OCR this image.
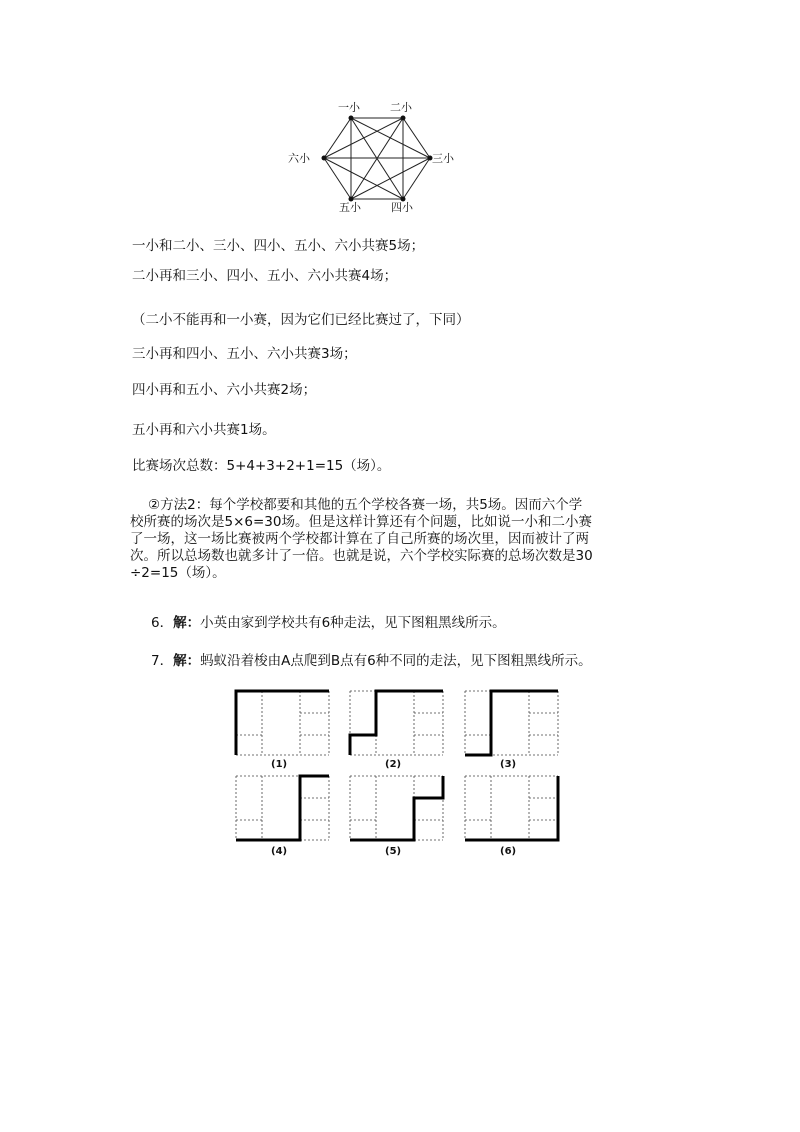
一小	二小
三小
四小
五小
六小
一小和二小、三小、四小、五小、六小共赛5场；
二小再和三小、四小、五小、六小共赛4场；
（二小不能再和一小赛，因为它们已经比赛过了，下同）
三小再和四小、五小、六小共赛3场；
四小再和五小、六小共赛2场；
五小再和六小共赛1场。
比赛场次总数：5+4+3+2+1=15（场）。
②方法2：每个学校都要和其他的五个学校各赛一场，共5场。因而六个学
校所赛的场次是5×6=30场。但是这样计算还有个问题，比如说一小和二小赛
了一场，这一场比赛被两个学校都计算在了自己所赛的场次里，因而被计了两
次。所以总场数也就多计了一倍。也就是说，六个学校实际赛的总场次数是30
÷2=15（场）。
6．解：小英由家到学校共有6种走法，见下图粗黑线所示。
7．解：蚂蚁沿着梭由A点爬到B点有6种不同的走法，见下图粗黑线所示。
(1)	(2)	(3)
(4)	(5)	(6)
